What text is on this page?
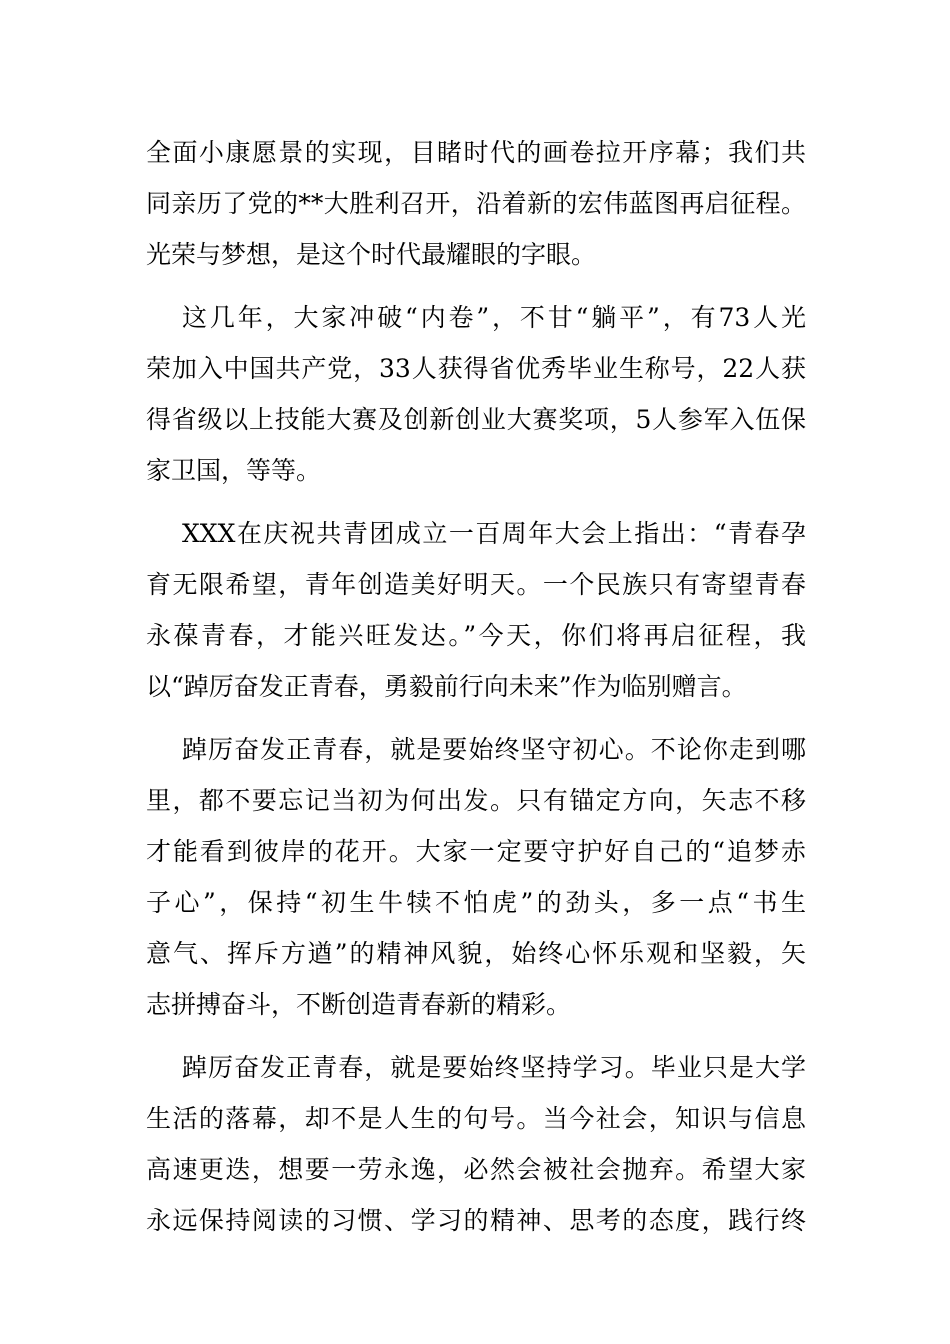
全面小康愿景的实现，目睹时代的画卷拉开序幕；我们共
同亲历了党的**大胜利召开，沿着新的宏伟蓝图再启征程。
光荣与梦想，是这个时代最耀眼的字眼。
这几年，大家冲破“内卷”，不甘“躺平”，有73人光
荣加入中国共产党，33人获得省优秀毕业生称号，22人获
得省级以上技能大赛及创新创业大赛奖项，5人参军入伍保
家卫国，等等。
XXX在庆祝共青团成立一百周年大会上指出：“青春孕
育无限希望，青年创造美好明天。一个民族只有寄望青春
永葆青春，才能兴旺发达。”今天，你们将再启征程，我
以“踔厉奋发正青春，勇毅前行向未来”作为临别赠言。
踔厉奋发正青春，就是要始终坚守初心。不论你走到哪
里，都不要忘记当初为何出发。只有锚定方向，矢志不移
才能看到彼岸的花开。大家一定要守护好自己的“追梦赤
子心”，保持“初生牛犊不怕虎”的劲头，多一点“书生
意气、挥斥方遒”的精神风貌，始终心怀乐观和坚毅，矢
志拼搏奋斗，不断创造青春新的精彩。
踔厉奋发正青春，就是要始终坚持学习。毕业只是大学
生活的落幕，却不是人生的句号。当今社会，知识与信息
高速更迭，想要一劳永逸，必然会被社会抛弃。希望大家
永远保持阅读的习惯、学习的精神、思考的态度，践行终
